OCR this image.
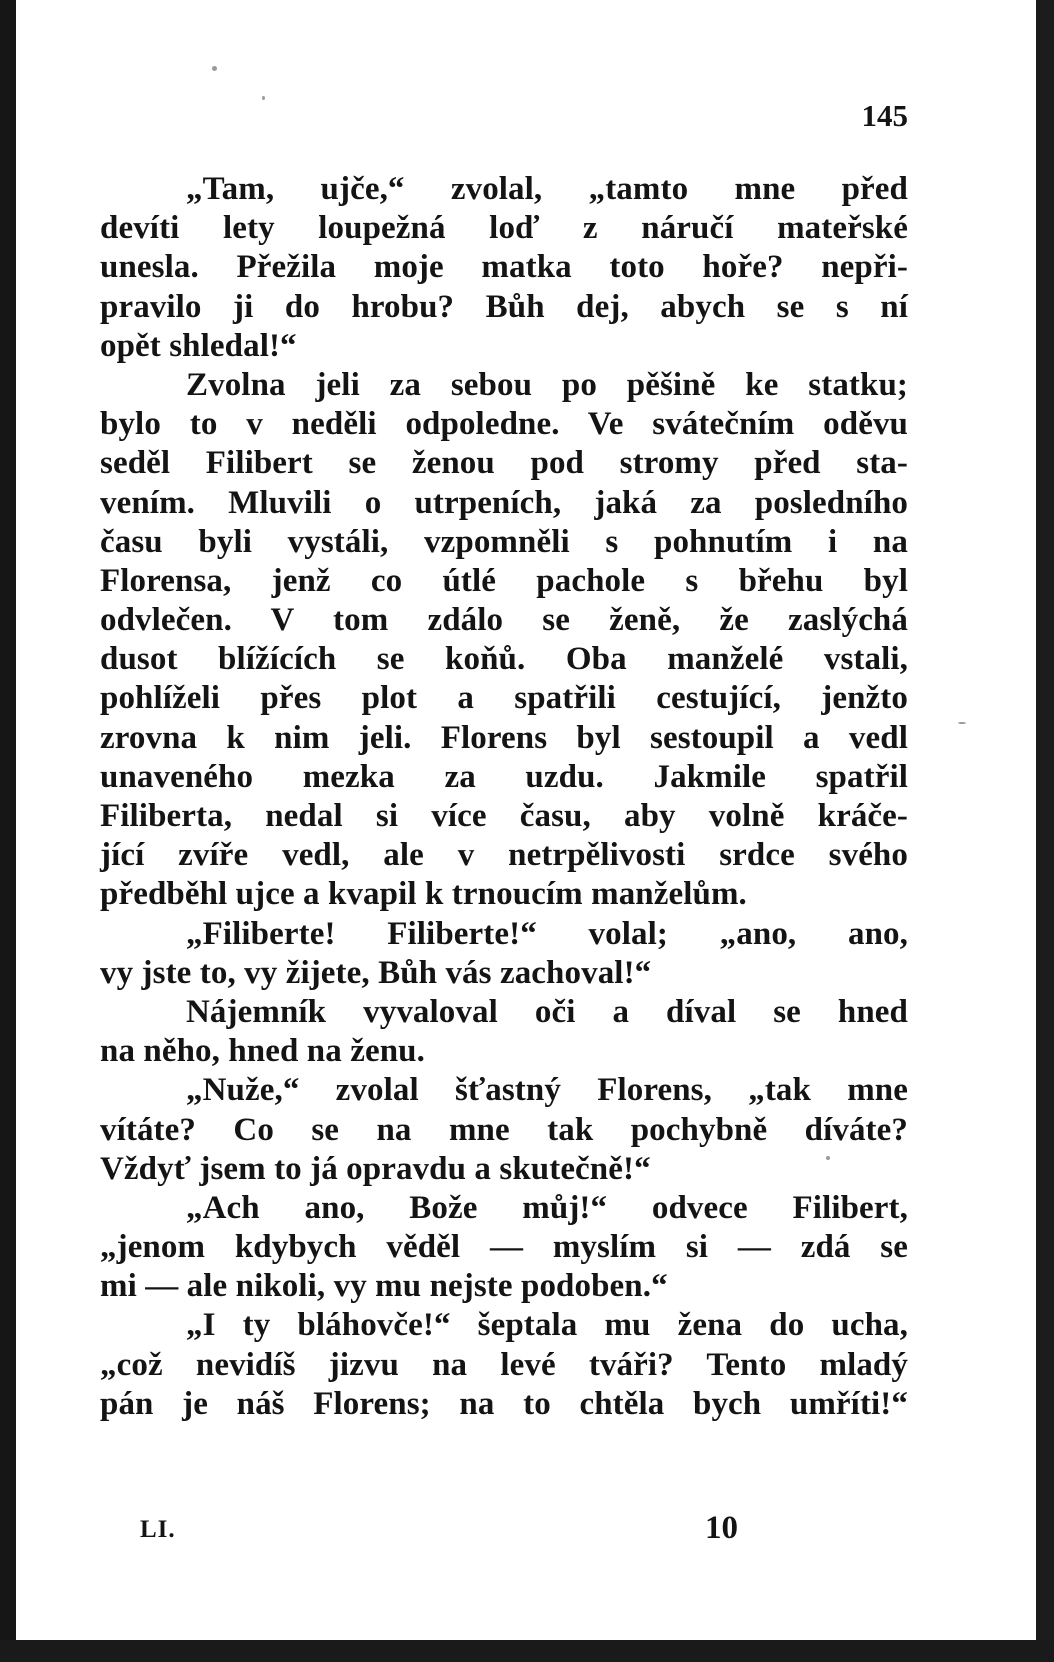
145
„Tam, ujče,“ zvolal, „tamto mne před
devíti lety loupežná loď z náručí mateřské
unesla. Přežila moje matka toto hoře? nepři-
pravilo ji do hrobu? Bůh dej, abych se s ní
opět shledal!“
Zvolna jeli za sebou po pěšině ke statku;
bylo to v neděli odpoledne. Ve svátečním oděvu
seděl Filibert se ženou pod stromy před sta-
vením. Mluvili o utrpeních, jaká za posledního
času byli vystáli, vzpomněli s pohnutím i na
Florensa, jenž co útlé pachole s břehu byl
odvlečen. V tom zdálo se ženě, že zaslýchá
dusot blížících se koňů. Oba manželé vstali,
pohlíželi přes plot a spatřili cestující, jenžto
zrovna k nim jeli. Florens byl sestoupil a vedl
unaveného mezka za uzdu. Jakmile spatřil
Filiberta, nedal si více času, aby volně kráče-
jící zvíře vedl, ale v netrpělivosti srdce svého
předběhl ujce a kvapil k trnoucím manželům.
„Filiberte! Filiberte!“ volal; „ano, ano,
vy jste to, vy žijete, Bůh vás zachoval!“
Nájemník vyvaloval oči a díval se hned
na něho, hned na ženu.
„Nuže,“ zvolal šťastný Florens, „tak mne
vítáte? Co se na mne tak pochybně díváte?
Vždyť jsem to já opravdu a skutečně!“
„Ach ano, Bože můj!“ odvece Filibert,
„jenom kdybych věděl — myslím si — zdá se
mi — ale nikoli, vy mu nejste podoben.“
„I ty bláhovče!“ šeptala mu žena do ucha,
„což nevidíš jizvu na levé tváři? Tento mladý
pán je náš Florens; na to chtěla bych umříti!“
LI.	10
